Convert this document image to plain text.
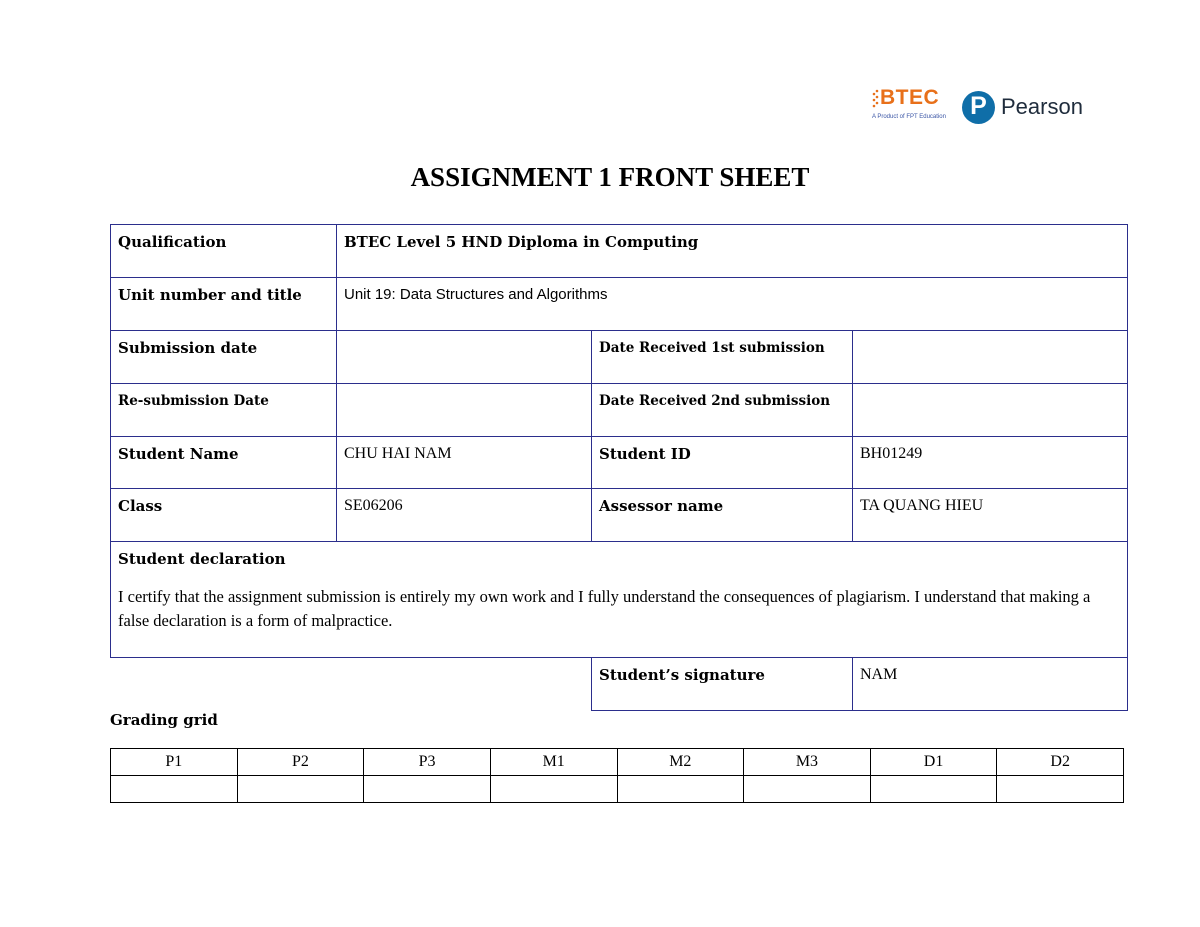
BTEC
A Product of FPT Education P Pearson
ASSIGNMENT 1 FRONT SHEET
Qualification	BTEC Level 5 HND Diploma in Computing		
Unit number and title	Unit 19: Data Structures and Algorithms		
Submission date		Date Received 1st submission	
Re-submission Date		Date Received 2nd submission	
Student Name	CHU HAI NAM	Student ID	BH01249
Class	SE06206	Assessor name	TA QUANG HIEU

Student declaration
I certify that the assignment submission is entirely my own work and I fully understand the consequences of plagiarism. I understand that making a false declaration is a form of malpractice.			

		Student’s signature	NAM
Grading grid
P1	P2	P3	M1	M2	M3	D1	D2
